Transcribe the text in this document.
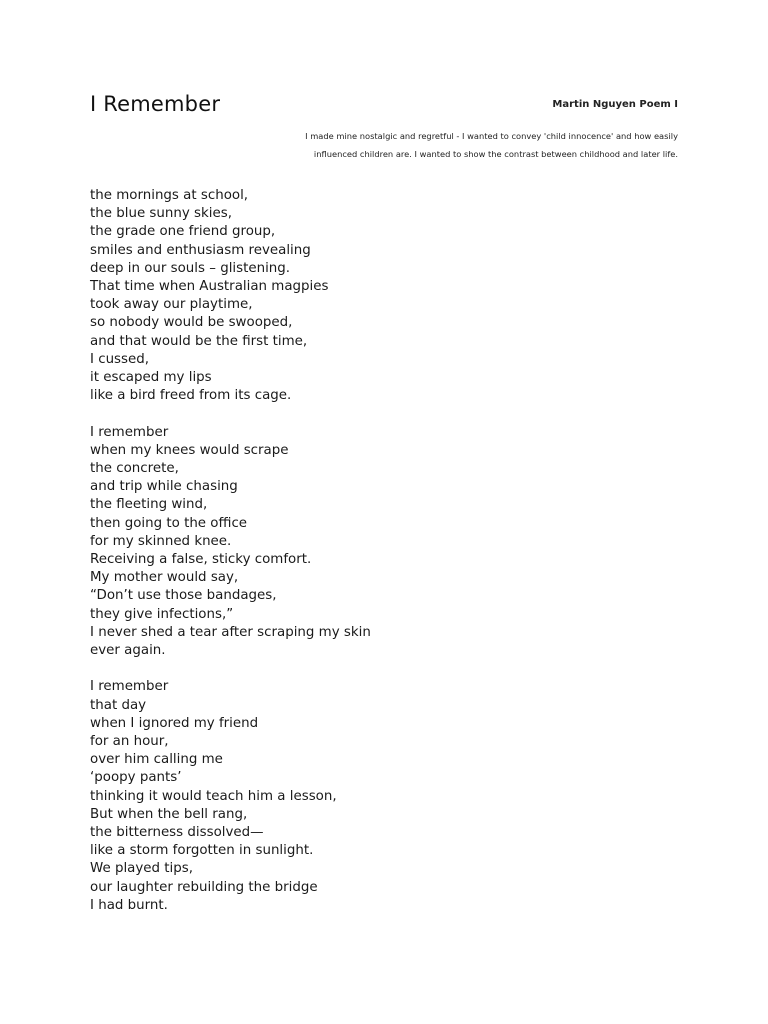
I Remember	Martin Nguyen Poem I
I made mine nostalgic and regretful - I wanted to convey 'child innocence' and how easily
influenced children are. I wanted to show the contrast between childhood and later life.
the mornings at school,
the blue sunny skies,
the grade one friend group,
smiles and enthusiasm revealing
deep in our souls – glistening.
That time when Australian magpies
took away our playtime,
so nobody would be swooped,
and that would be the first time,
I cussed,
it escaped my lips
like a bird freed from its cage.
I remember
when my knees would scrape
the concrete,
and trip while chasing
the fleeting wind,
then going to the office
for my skinned knee.
Receiving a false, sticky comfort.
My mother would say,
“Don’t use those bandages,
they give infections,”
I never shed a tear after scraping my skin
ever again.
I remember
that day
when I ignored my friend
for an hour,
over him calling me
‘poopy pants’
thinking it would teach him a lesson,
But when the bell rang,
the bitterness dissolved—
like a storm forgotten in sunlight.
We played tips,
our laughter rebuilding the bridge
I had burnt.
